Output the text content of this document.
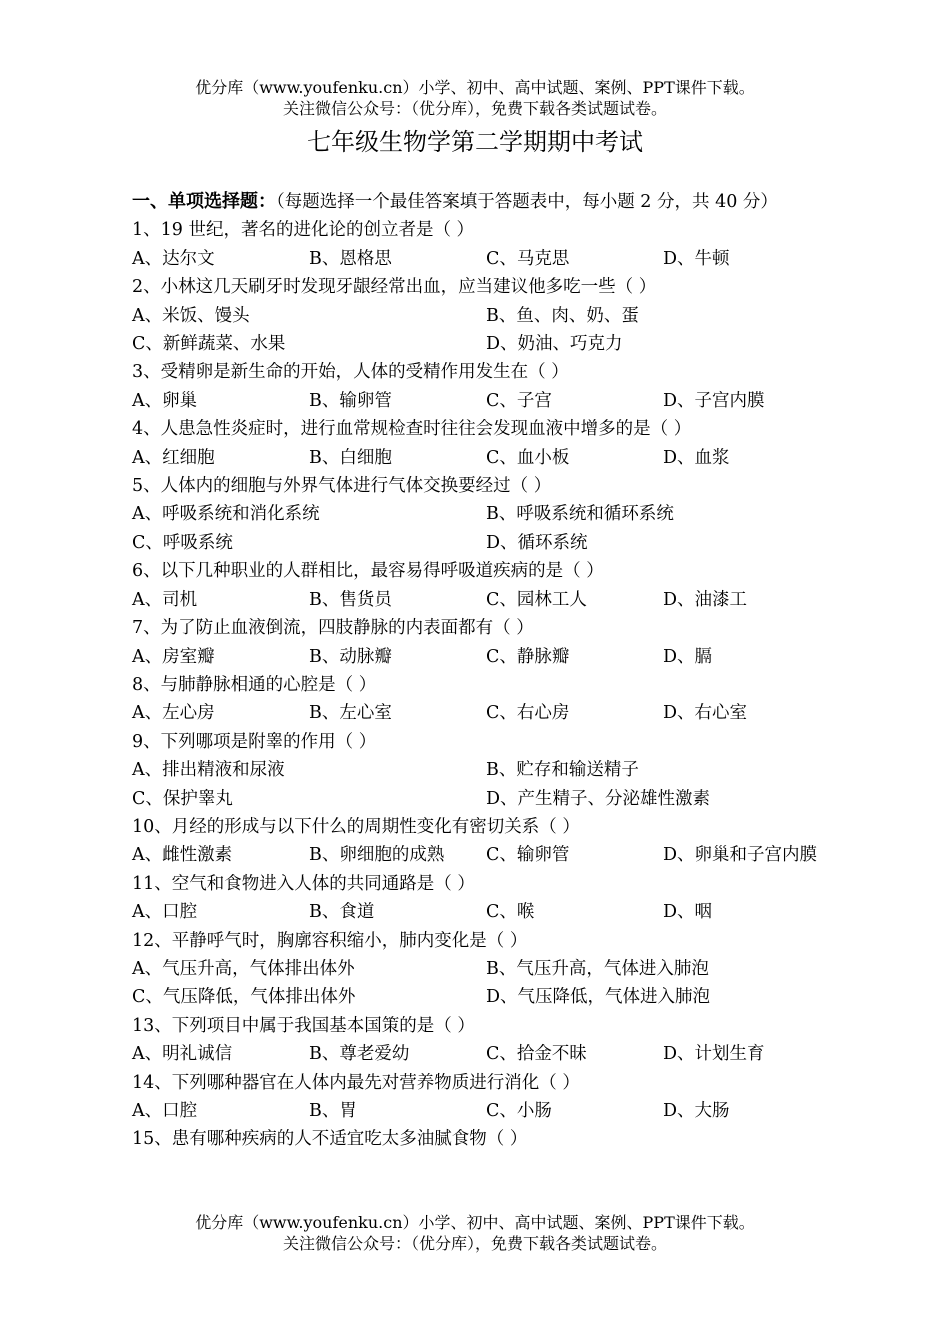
优分库（www.youfenku.cn）小学、初中、高中试题、案例、PPT课件下载。
关注微信公众号：（优分库），免费下载各类试题试卷。
七年级生物学第二学期期中考试

一、单项选择题：（每题选择一个最佳答案填于答题表中，每小题 2 分，共 40 分）

1、19 世纪，著名的进化论的创立者是（ ）

A、达尔文	B、恩格思	C、马克思	D、牛顿

2、小林这几天刷牙时发现牙龈经常出血，应当建议他多吃一些（ ）

A、米饭、馒头	B、鱼、肉、奶、蛋
C、新鲜蔬菜、水果	D、奶油、巧克力

3、受精卵是新生命的开始，人体的受精作用发生在（ ）

A、卵巢	B、输卵管	C、子宫	D、子宫内膜

4、人患急性炎症时，进行血常规检查时往往会发现血液中增多的是（ ）

A、红细胞	B、白细胞	C、血小板	D、血浆

5、人体内的细胞与外界气体进行气体交换要经过（ ）

A、呼吸系统和消化系统	B、呼吸系统和循环系统
C、呼吸系统	D、循环系统

6、以下几种职业的人群相比，最容易得呼吸道疾病的是（ ）

A、司机	B、售货员	C、园林工人	D、油漆工

7、为了防止血液倒流，四肢静脉的内表面都有（ ）

A、房室瓣	B、动脉瓣	C、静脉瓣	D、膈

8、与肺静脉相通的心腔是（ ）

A、左心房	B、左心室	C、右心房	D、右心室

9、下列哪项是附睾的作用（ ）

A、排出精液和尿液	B、贮存和输送精子
C、保护睾丸	D、产生精子、分泌雄性激素

10、月经的形成与以下什么的周期性变化有密切关系（ ）

A、雌性激素	B、卵细胞的成熟	C、输卵管	D、卵巢和子宫内膜

11、空气和食物进入人体的共同通路是（ ）

A、口腔	B、食道	C、喉	D、咽

12、平静呼气时，胸廓容积缩小，肺内变化是（ ）

A、气压升高，气体排出体外	B、气压升高，气体进入肺泡
C、气压降低，气体排出体外	D、气压降低，气体进入肺泡

13、下列项目中属于我国基本国策的是（ ）

A、明礼诚信	B、尊老爱幼	C、拾金不昧	D、计划生育

14、下列哪种器官在人体内最先对营养物质进行消化（ ）

A、口腔	B、胃	C、小肠	D、大肠

15、患有哪种疾病的人不适宜吃太多油腻食物（ ）

优分库（www.youfenku.cn）小学、初中、高中试题、案例、PPT课件下载。
关注微信公众号：（优分库），免费下载各类试题试卷。
